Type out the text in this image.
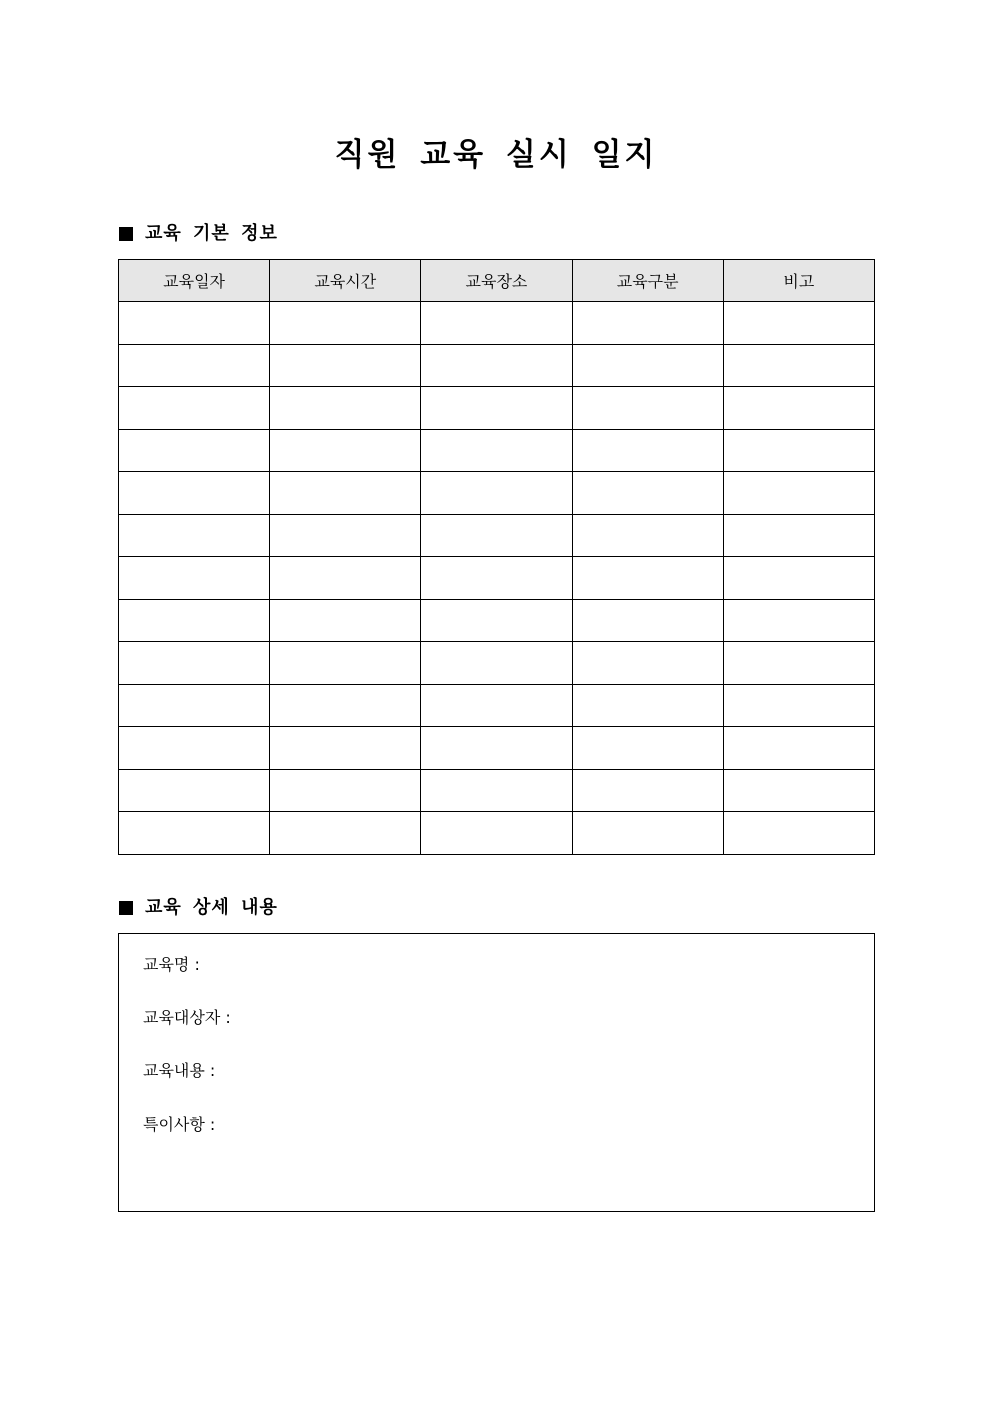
직원 교육 실시 일지
교육 기본 정보
교육일자	교육시간	교육장소	교육구분	비고

교육 상세 내용
교육명 :
교육대상자 :
교육내용 :
특이사항 :
